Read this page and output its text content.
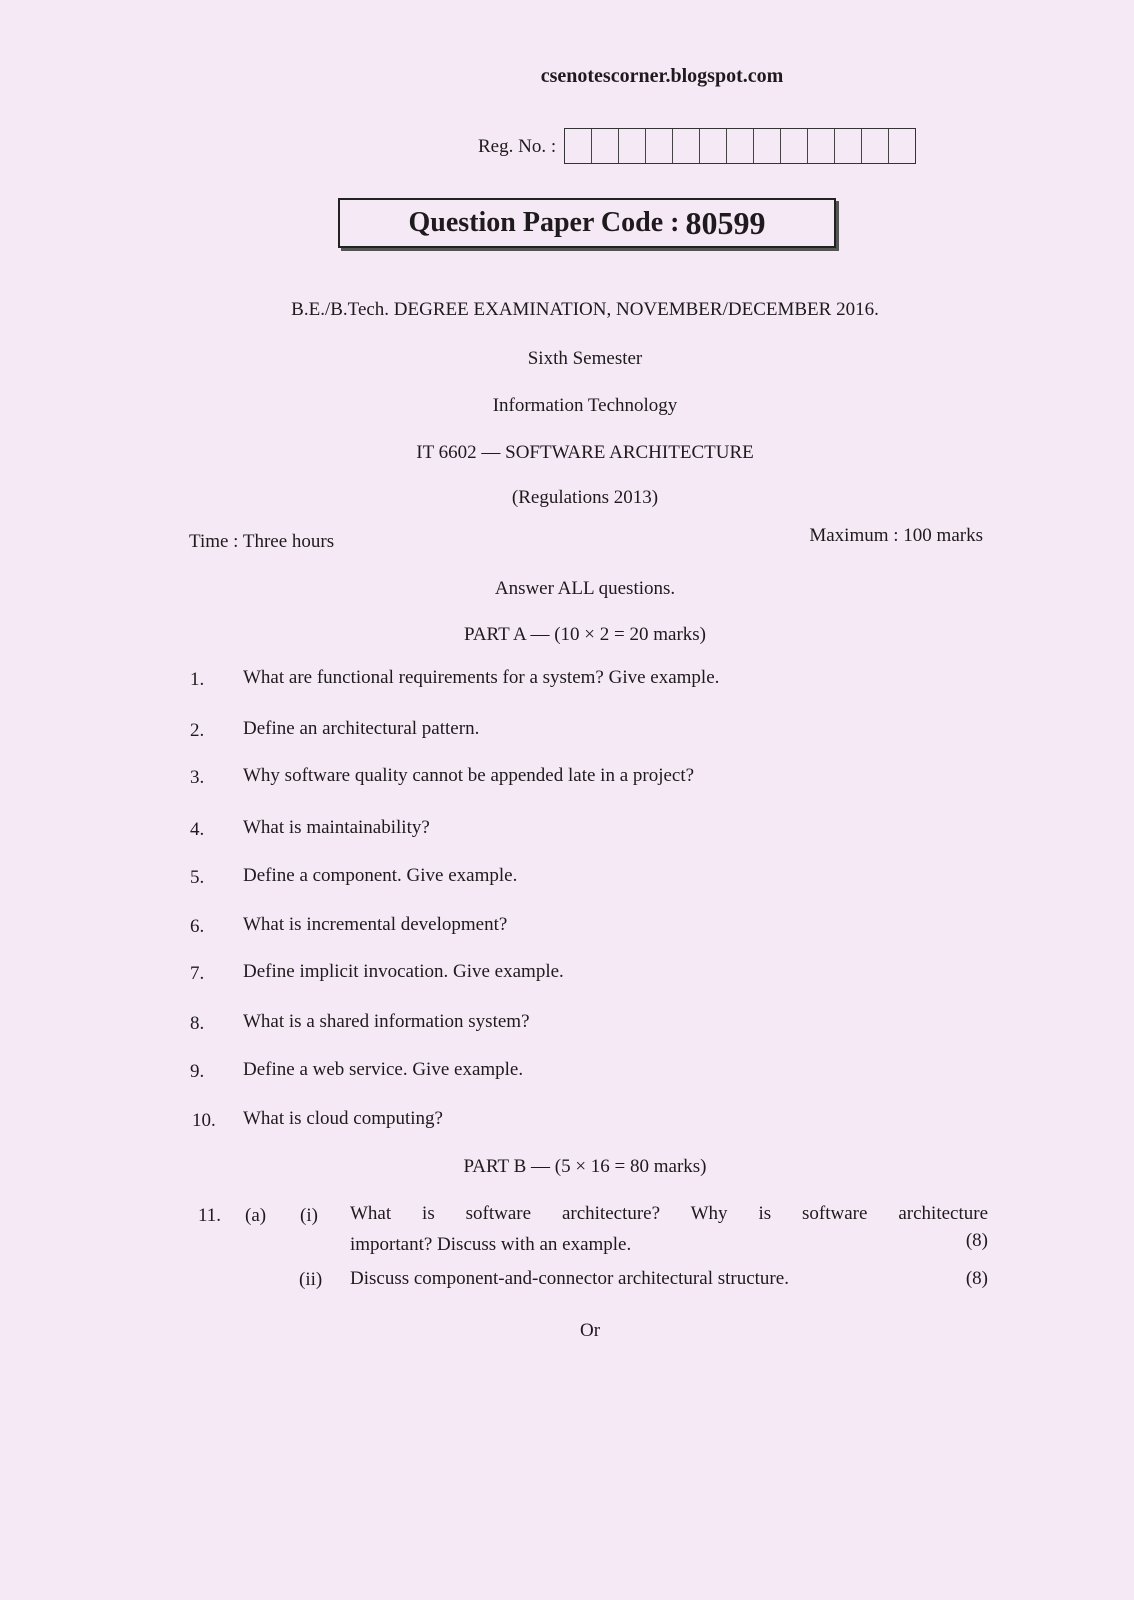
csenotescorner.blogspot.com
Reg. No. :
Question Paper Code : 80599
B.E./B.Tech. DEGREE EXAMINATION, NOVEMBER/DECEMBER 2016.
Sixth Semester
Information Technology
IT 6602 — SOFTWARE ARCHITECTURE
(Regulations 2013)
Time : Three hours	Maximum : 100 marks
Answer ALL questions.
PART A — (10 × 2 = 20 marks)
1. What are functional requirements for a system? Give example.
2. Define an architectural pattern.
3. Why software quality cannot be appended late in a project?
4. What is maintainability?
5. Define a component. Give example.
6. What is incremental development?
7. Define implicit invocation. Give example.
8. What is a shared information system?
9. Define a web service. Give example.
10. What is cloud computing?
PART B — (5 × 16 = 80 marks)
11. (a) (i) What is software architecture? Why is software architecture
important? Discuss with an example.	(8)
(ii) Discuss component-and-connector architectural structure.	(8)
Or
